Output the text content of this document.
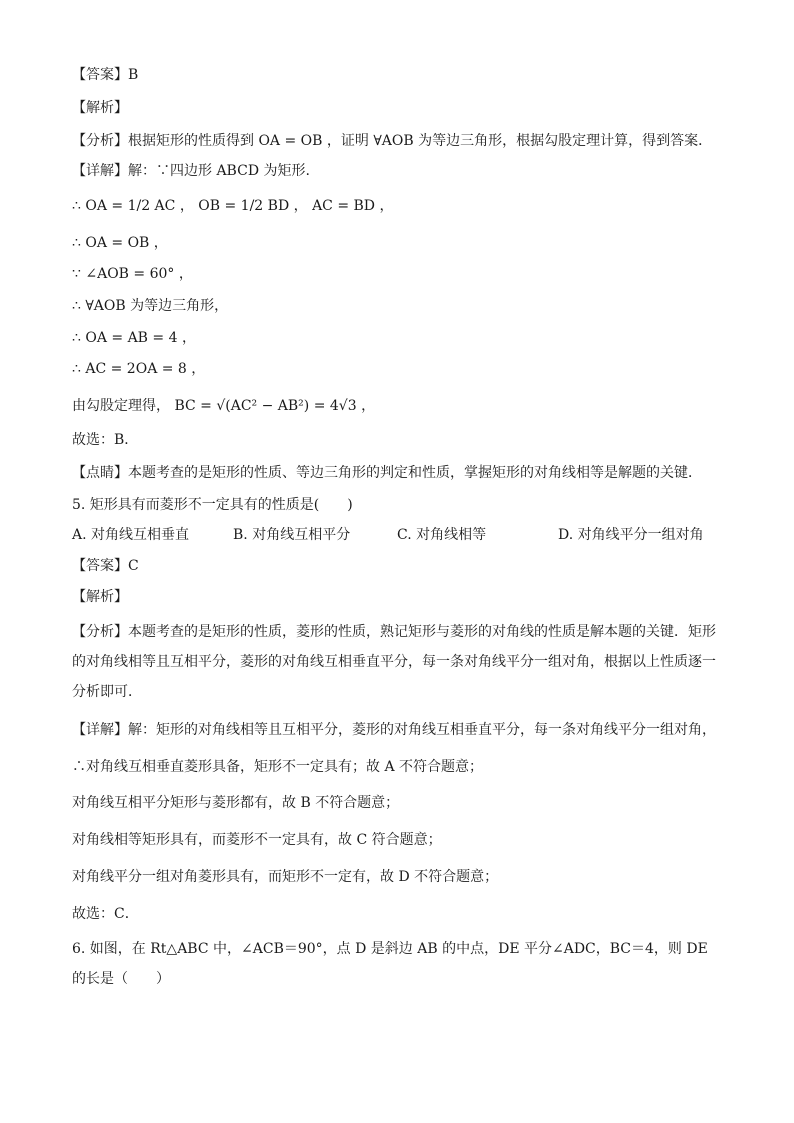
【答案】B
【解析】
【分析】根据矩形的性质得到 OA = OB ，证明 ∀AOB 为等边三角形，根据勾股定理计算，得到答案．
【详解】解：∵四边形 ABCD 为矩形.
∴ OA = 1/2 AC ， OB = 1/2 BD ， AC = BD ，
∴ OA = OB ，
∵ ∠AOB = 60° ，
∴ ∀AOB 为等边三角形，
∴ OA = AB = 4 ，
∴ AC = 2OA = 8 ，
由勾股定理得， BC = √(AC² − AB²) = 4√3 ，
故选：B．
【点睛】本题考查的是矩形的性质、等边三角形的判定和性质，掌握矩形的对角线相等是解题的关键．
5. 矩形具有而菱形不一定具有的性质是(　　)
A. 对角线互相垂直	B. 对角线互相平分	C. 对角线相等	D. 对角线平分一组对角
【答案】C
【解析】
【分析】本题考查的是矩形的性质，菱形的性质，熟记矩形与菱形的对角线的性质是解本题的关键．矩形的对角线相等且互相平分，菱形的对角线互相垂直平分，每一条对角线平分一组对角，根据以上性质逐一分析即可．
【详解】解：矩形的对角线相等且互相平分，菱形的对角线互相垂直平分，每一条对角线平分一组对角，
∴对角线互相垂直菱形具备，矩形不一定具有；故 A 不符合题意；
对角线互相平分矩形与菱形都有，故 B 不符合题意；
对角线相等矩形具有，而菱形不一定具有，故 C 符合题意；
对角线平分一组对角菱形具有，而矩形不一定有，故 D 不符合题意；
故选：C．
6. 如图，在 Rt△ABC 中，∠ACB＝90°，点 D 是斜边 AB 的中点，DE 平分∠ADC，BC＝4，则 DE 的长是（　　）
